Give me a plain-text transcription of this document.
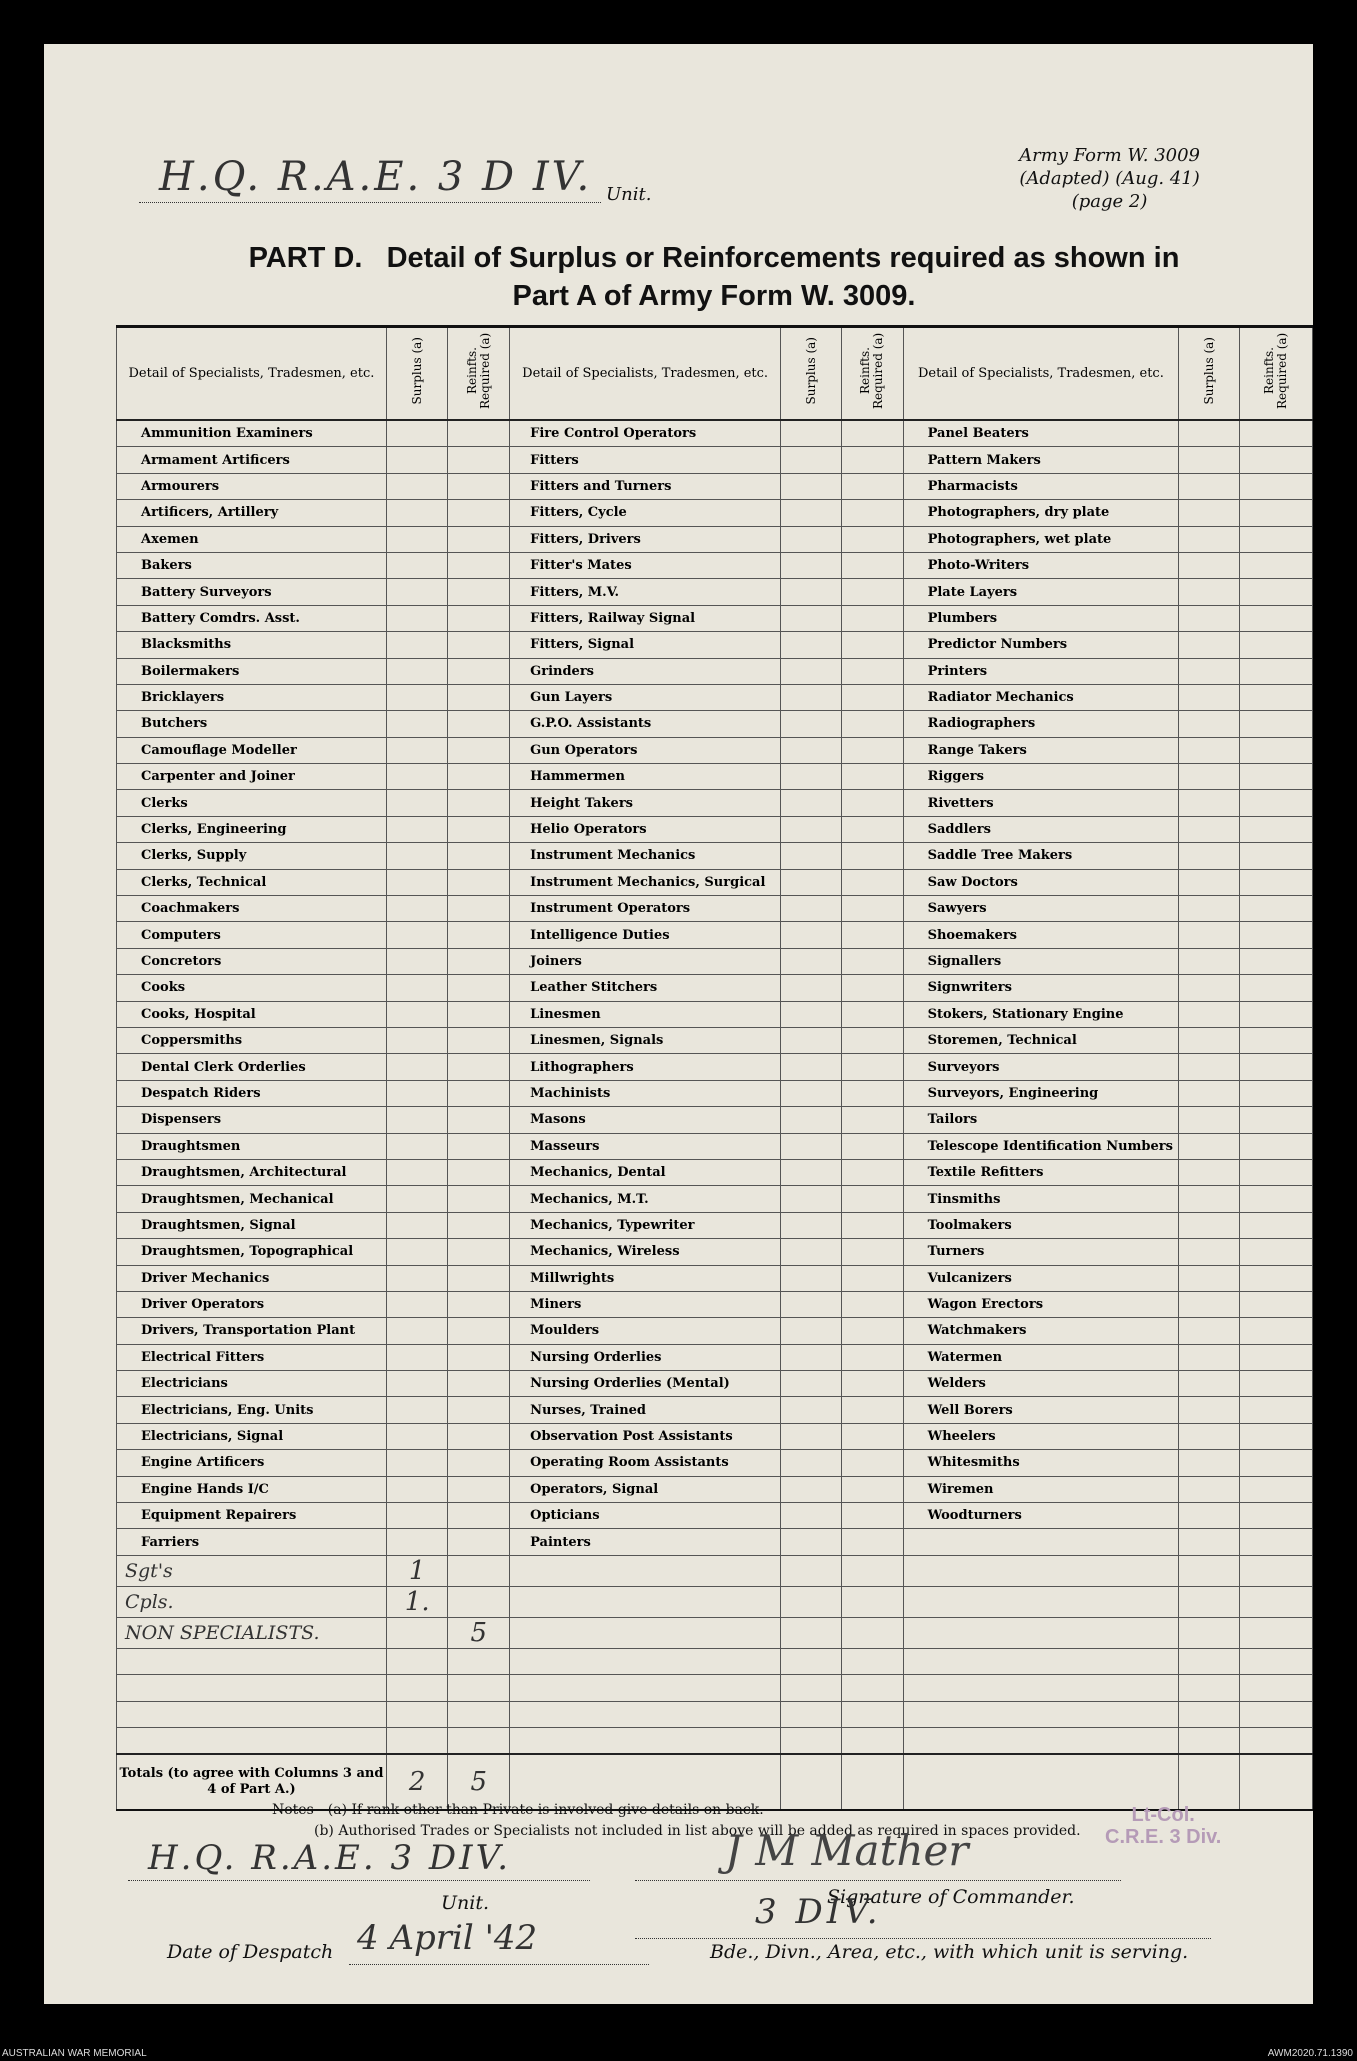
H.Q. R.A.E. 3 D IV. Unit.
Army Form W. 3009
(Adapted) (Aug. 41)
(page 2)
PART D.   Detail of Surplus or Reinforcements required as shown in
Part A of Army Form W. 3009.
Detail of Specialists, Tradesmen, etc.	Surplus (a)	Reinfts. Required (a)	Detail of Specialists, Tradesmen, etc.	Surplus (a)	Reinfts. Required (a)	Detail of Specialists, Tradesmen, etc.	Surplus (a)	Reinfts. Required (a)
Ammunition Examiners			Fire Control Operators			Panel Beaters		
Armament Artificers			Fitters			Pattern Makers		
Armourers			Fitters and Turners			Pharmacists		
Artificers, Artillery			Fitters, Cycle			Photographers, dry plate		
Axemen			Fitters, Drivers			Photographers, wet plate		
Bakers			Fitter's Mates			Photo-Writers		
Battery Surveyors			Fitters, M.V.			Plate Layers		
Battery Comdrs. Asst.			Fitters, Railway Signal			Plumbers		
Blacksmiths			Fitters, Signal			Predictor Numbers		
Boilermakers			Grinders			Printers		
Bricklayers			Gun Layers			Radiator Mechanics		
Butchers			G.P.O. Assistants			Radiographers		
Camouflage Modeller			Gun Operators			Range Takers		
Carpenter and Joiner			Hammermen			Riggers		
Clerks			Height Takers			Rivetters		
Clerks, Engineering			Helio Operators			Saddlers		
Clerks, Supply			Instrument Mechanics			Saddle Tree Makers		
Clerks, Technical			Instrument Mechanics, Surgical			Saw Doctors		
Coachmakers			Instrument Operators			Sawyers		
Computers			Intelligence Duties			Shoemakers		
Concretors			Joiners			Signallers		
Cooks			Leather Stitchers			Signwriters		
Cooks, Hospital			Linesmen			Stokers, Stationary Engine		
Coppersmiths			Linesmen, Signals			Storemen, Technical		
Dental Clerk Orderlies			Lithographers			Surveyors		
Despatch Riders			Machinists			Surveyors, Engineering		
Dispensers			Masons			Tailors		
Draughtsmen			Masseurs			Telescope Identification Numbers		
Draughtsmen, Architectural			Mechanics, Dental			Textile Refitters		
Draughtsmen, Mechanical			Mechanics, M.T.			Tinsmiths		
Draughtsmen, Signal			Mechanics, Typewriter			Toolmakers		
Draughtsmen, Topographical			Mechanics, Wireless			Turners		
Driver Mechanics			Millwrights			Vulcanizers		
Driver Operators			Miners			Wagon Erectors		
Drivers, Transportation Plant			Moulders			Watchmakers		
Electrical Fitters			Nursing Orderlies			Watermen		
Electricians			Nursing Orderlies (Mental)			Welders		
Electricians, Eng. Units			Nurses, Trained			Well Borers		
Electricians, Signal			Observation Post Assistants			Wheelers		
Engine Artificers			Operating Room Assistants			Whitesmiths		
Engine Hands I/C			Operators, Signal			Wiremen		
Equipment Repairers			Opticians			Woodturners		
Farriers			Painters					
Sgt's	1							
Cpls.	1.							
NON SPECIALISTS.		5						

Totals (to agree with Columns 3 and 4 of Part A.)	2	5						
Notes—(a) If rank other than Private is involved give details on back.
(b) Authorised Trades or Specialists not included in list above will be added as required in spaces provided.
H.Q. R.A.E. 3 DIV.
Unit.
Date of Despatch 4 April '42
J M Mather
Signature of Commander.
Lt-Col.
C.R.E. 3 Div.
3 DIV.
Bde., Divn., Area, etc., with which unit is serving.
AUSTRALIAN WAR MEMORIAL	AWM2020.71.1390
